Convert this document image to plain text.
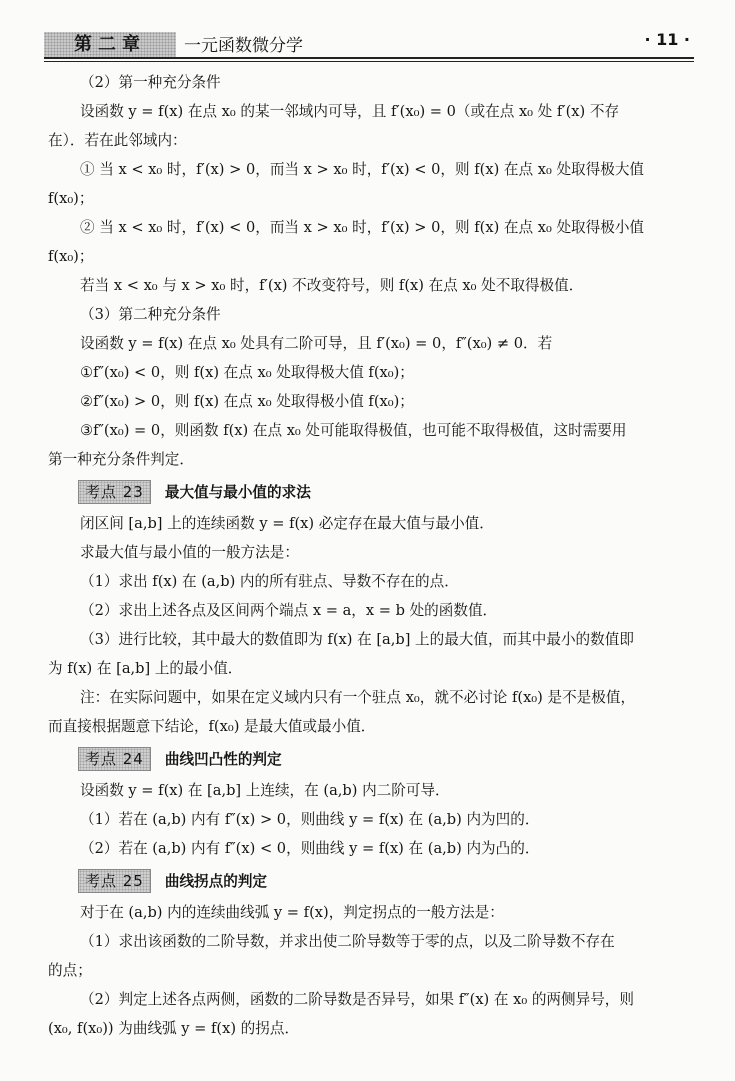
第二章	一元函数微分学	· 11 ·
（2）第一种充分条件
设函数 y = f(x) 在点 x₀ 的某一邻域内可导，且 f′(x₀) = 0（或在点 x₀ 处 f′(x) 不存
在）．若在此邻域内：
① 当 x < x₀ 时，f′(x) > 0，而当 x > x₀ 时，f′(x) < 0，则 f(x) 在点 x₀ 处取得极大值
f(x₀)；
② 当 x < x₀ 时，f′(x) < 0，而当 x > x₀ 时，f′(x) > 0，则 f(x) 在点 x₀ 处取得极小值
f(x₀)；
若当 x < x₀ 与 x > x₀ 时，f′(x) 不改变符号，则 f(x) 在点 x₀ 处不取得极值．
（3）第二种充分条件
设函数 y = f(x) 在点 x₀ 处具有二阶可导，且 f′(x₀) = 0，f″(x₀) ≠ 0．若
①f″(x₀) < 0，则 f(x) 在点 x₀ 处取得极大值 f(x₀)；
②f″(x₀) > 0，则 f(x) 在点 x₀ 处取得极小值 f(x₀)；
③f″(x₀) = 0，则函数 f(x) 在点 x₀ 处可能取得极值，也可能不取得极值，这时需要用
第一种充分条件判定．
考点 23	最大值与最小值的求法
闭区间 [a,b] 上的连续函数 y = f(x) 必定存在最大值与最小值．
求最大值与最小值的一般方法是：
（1）求出 f(x) 在 (a,b) 内的所有驻点、导数不存在的点．
（2）求出上述各点及区间两个端点 x = a，x = b 处的函数值．
（3）进行比较，其中最大的数值即为 f(x) 在 [a,b] 上的最大值，而其中最小的数值即
为 f(x) 在 [a,b] 上的最小值．
注：在实际问题中，如果在定义域内只有一个驻点 x₀，就不必讨论 f(x₀) 是不是极值，
而直接根据题意下结论，f(x₀) 是最大值或最小值．
考点 24	曲线凹凸性的判定
设函数 y = f(x) 在 [a,b] 上连续，在 (a,b) 内二阶可导．
（1）若在 (a,b) 内有 f″(x) > 0，则曲线 y = f(x) 在 (a,b) 内为凹的．
（2）若在 (a,b) 内有 f″(x) < 0，则曲线 y = f(x) 在 (a,b) 内为凸的．
考点 25	曲线拐点的判定
对于在 (a,b) 内的连续曲线弧 y = f(x)，判定拐点的一般方法是：
（1）求出该函数的二阶导数，并求出使二阶导数等于零的点，以及二阶导数不存在
的点；
（2）判定上述各点两侧，函数的二阶导数是否异号，如果 f″(x) 在 x₀ 的两侧异号，则
(x₀, f(x₀)) 为曲线弧 y = f(x) 的拐点．
